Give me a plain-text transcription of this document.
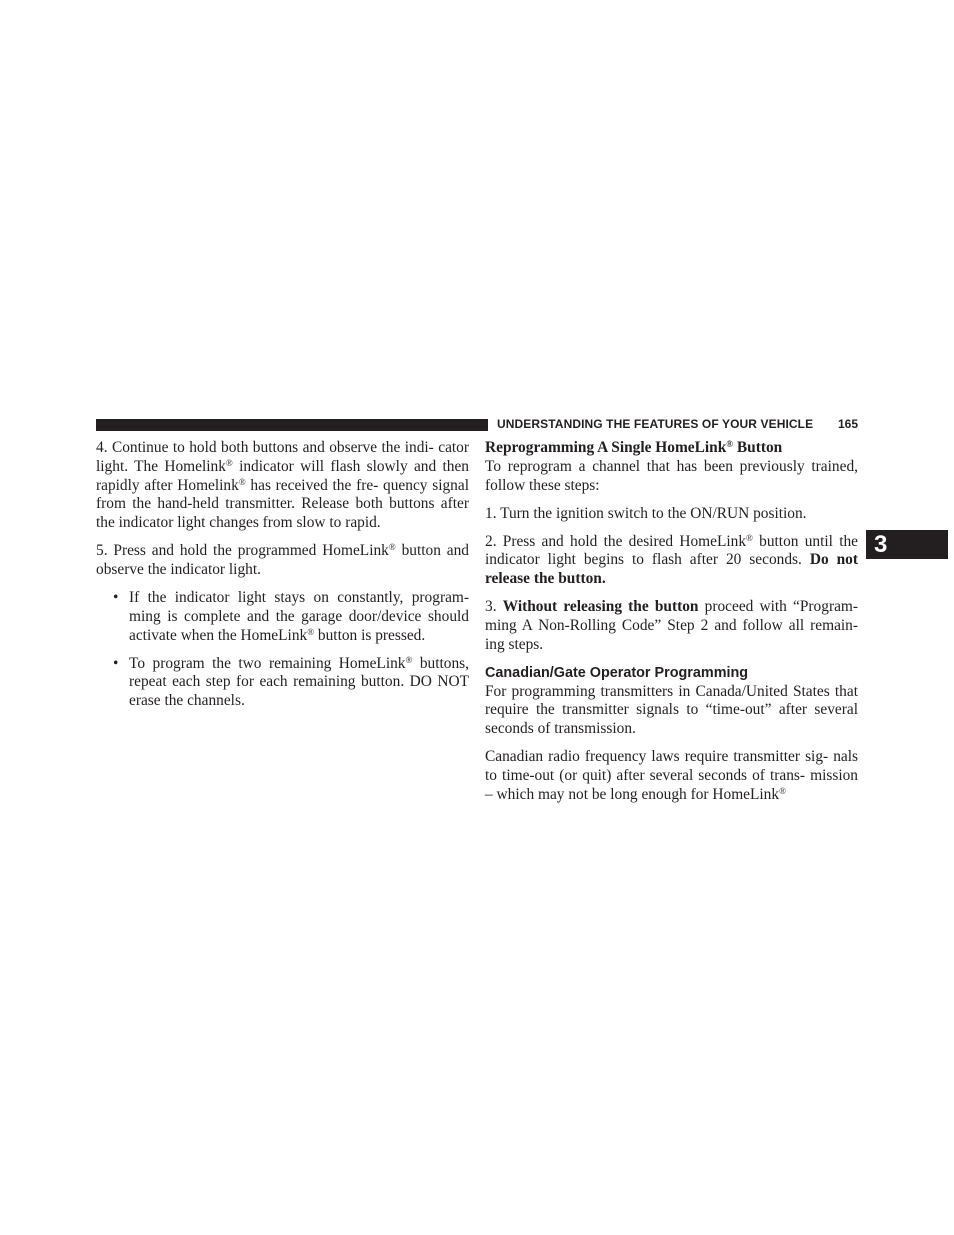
UNDERSTANDING THE FEATURES OF YOUR VEHICLE 165
3

4. Continue to hold both buttons and observe the indi- cator light. The Homelink® indicator will flash slowly and then rapidly after Homelink® has received the fre- quency signal from the hand-held transmitter. Release both buttons after the indicator light changes from slow to rapid.

5. Press and hold the programmed HomeLink® button and observe the indicator light.

• If the indicator light stays on constantly, program- ming is complete and the garage door/device should activate when the HomeLink® button is pressed.
• To program the two remaining HomeLink® buttons, repeat each step for each remaining button. DO NOT erase the channels.

Reprogramming A Single HomeLink® Button

To reprogram a channel that has been previously trained, follow these steps:

1. Turn the ignition switch to the ON/RUN position.

2. Press and hold the desired HomeLink® button until the indicator light begins to flash after 20 seconds. Do not release the button.

3. Without releasing the button proceed with “Program- ming A Non-Rolling Code” Step 2 and follow all remain- ing steps.

Canadian/Gate Operator Programming

For programming transmitters in Canada/United States that require the transmitter signals to “time-out” after several seconds of transmission.

Canadian radio frequency laws require transmitter sig- nals to time-out (or quit) after several seconds of trans- mission – which may not be long enough for HomeLink®
